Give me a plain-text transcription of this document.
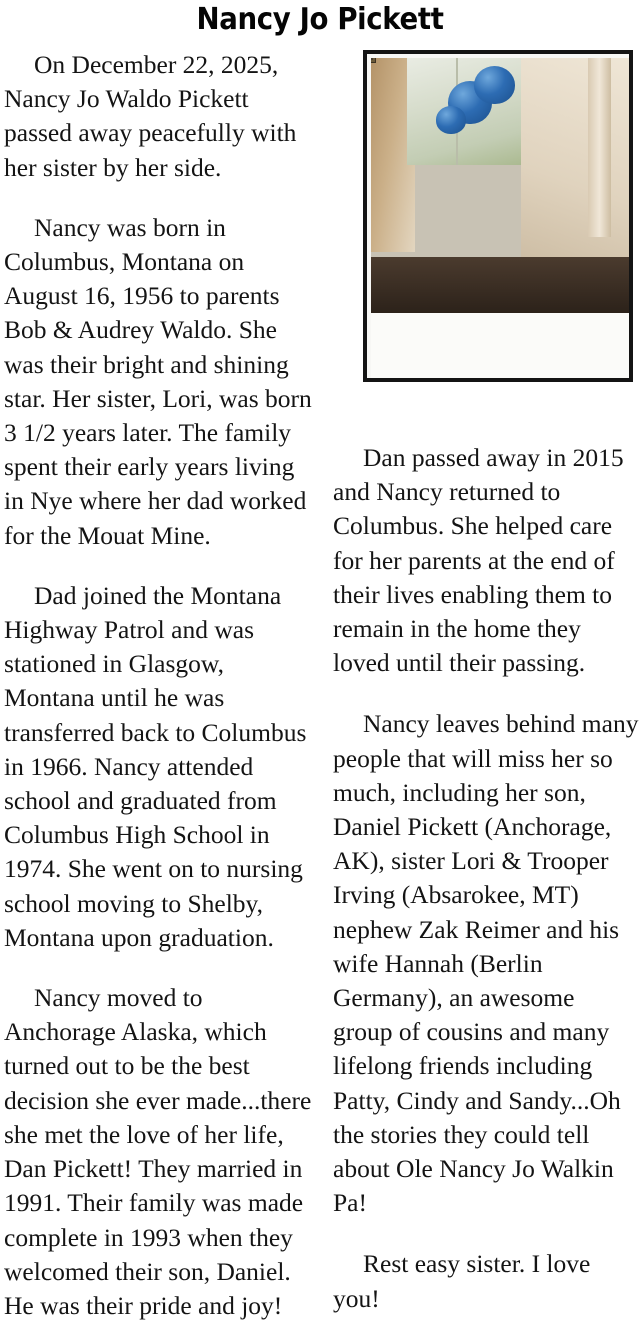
Nancy Jo Pickett

On December 22, 2025, Nancy Jo Waldo Pickett passed away peacefully with her sister by her side.

Nancy was born in Columbus, Montana on August 16, 1956 to parents Bob & Audrey Waldo. She was their bright and shining star. Her sister, Lori, was born 3 1/2 years later. The family spent their early years living in Nye where her dad worked for the Mouat Mine.

Dad joined the Montana Highway Patrol and was stationed in Glasgow, Montana until he was transferred back to Columbus in 1966. Nancy attended school and graduated from Columbus High School in 1974. She went on to nursing school moving to Shelby, Montana upon graduation.

Nancy moved to Anchorage Alaska, which turned out to be the best decision she ever made...there she met the love of her life, Dan Pickett! They married in 1991. Their family was made complete in 1993 when they welcomed their son, Daniel. He was their pride and joy!

Dan passed away in 2015 and Nancy returned to Columbus. She helped care for her parents at the end of their lives enabling them to remain in the home they loved until their passing.

Nancy leaves behind many people that will miss her so much, including her son, Daniel Pickett (Anchorage, AK), sister Lori & Trooper Irving (Absarokee, MT) nephew Zak Reimer and his wife Hannah (Berlin Germany), an awesome group of cousins and many lifelong friends including Patty, Cindy and Sandy...Oh the stories they could tell about Ole Nancy Jo Walkin Pa!

Rest easy sister. I love you!
